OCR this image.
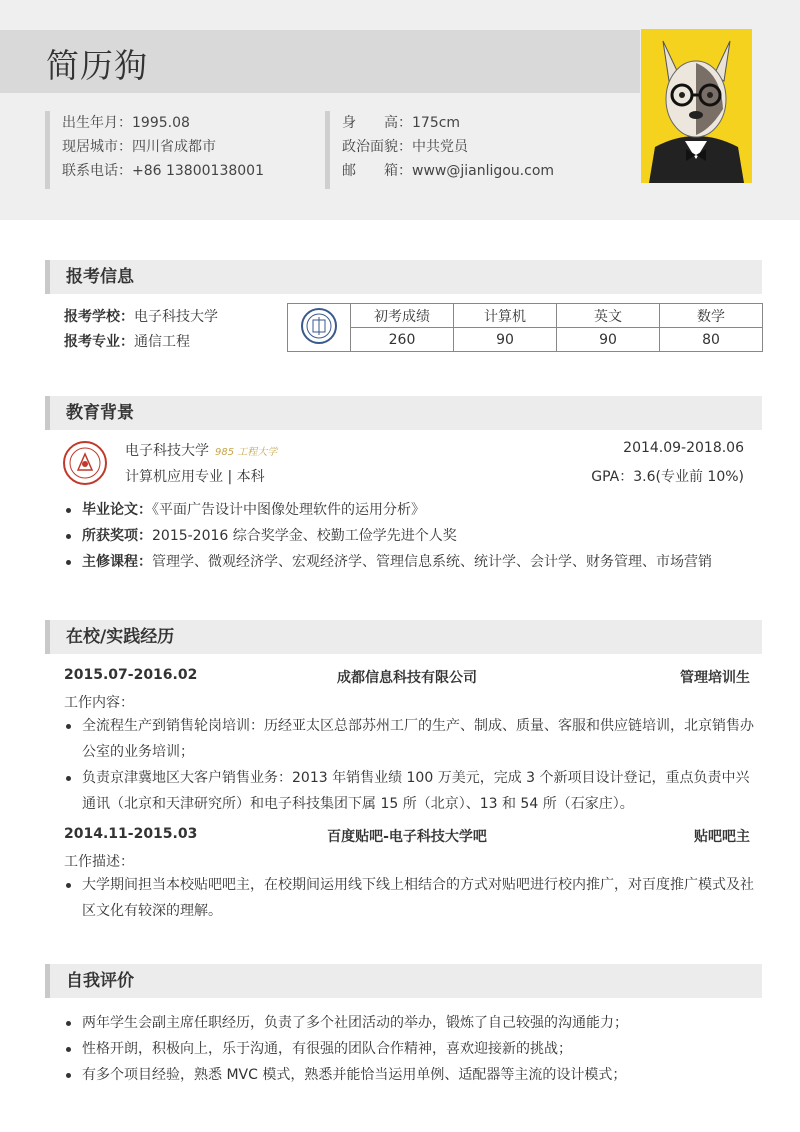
简历狗
出生年月：1995.08
现居城市：四川省成都市
联系电话：+86 13800138001
身　　高：175cm
政治面貌：中共党员
邮　　箱：www@jianligou.com
报考信息
报考学校：电子科技大学
报考专业：通信工程
	初考成绩	计算机	英文	数学
	260	90	90	80
教育背景
电子科技大学 985 工程大学
计算机应用专业 | 本科
2014.09-2018.06
GPA：3.6(专业前 10%)
毕业论文：《平面广告设计中图像处理软件的运用分析》
所获奖项：2015-2016 综合奖学金、校勤工俭学先进个人奖
主修课程：管理学、微观经济学、宏观经济学、管理信息系统、统计学、会计学、财务管理、市场营销
在校/实践经历
2015.07-2016.02	成都信息科技有限公司	管理培训生
工作内容：
全流程生产到销售轮岗培训：历经亚太区总部苏州工厂的生产、制成、质量、客服和供应链培训，北京销售办公室的业务培训；
负责京津冀地区大客户销售业务：2013 年销售业绩 100 万美元，完成 3 个新项目设计登记，重点负责中兴通讯（北京和天津研究所）和电子科技集团下属 15 所（北京）、13 和 54 所（石家庄）。
2014.11-2015.03	百度贴吧-电子科技大学吧	贴吧吧主
工作描述：
大学期间担当本校贴吧吧主，在校期间运用线下线上相结合的方式对贴吧进行校内推广，对百度推广模式及社区文化有较深的理解。
自我评价
两年学生会副主席任职经历，负责了多个社团活动的举办，锻炼了自己较强的沟通能力；
性格开朗，积极向上，乐于沟通，有很强的团队合作精神，喜欢迎接新的挑战；
有多个项目经验，熟悉 MVC 模式，熟悉并能恰当运用单例、适配器等主流的设计模式；
